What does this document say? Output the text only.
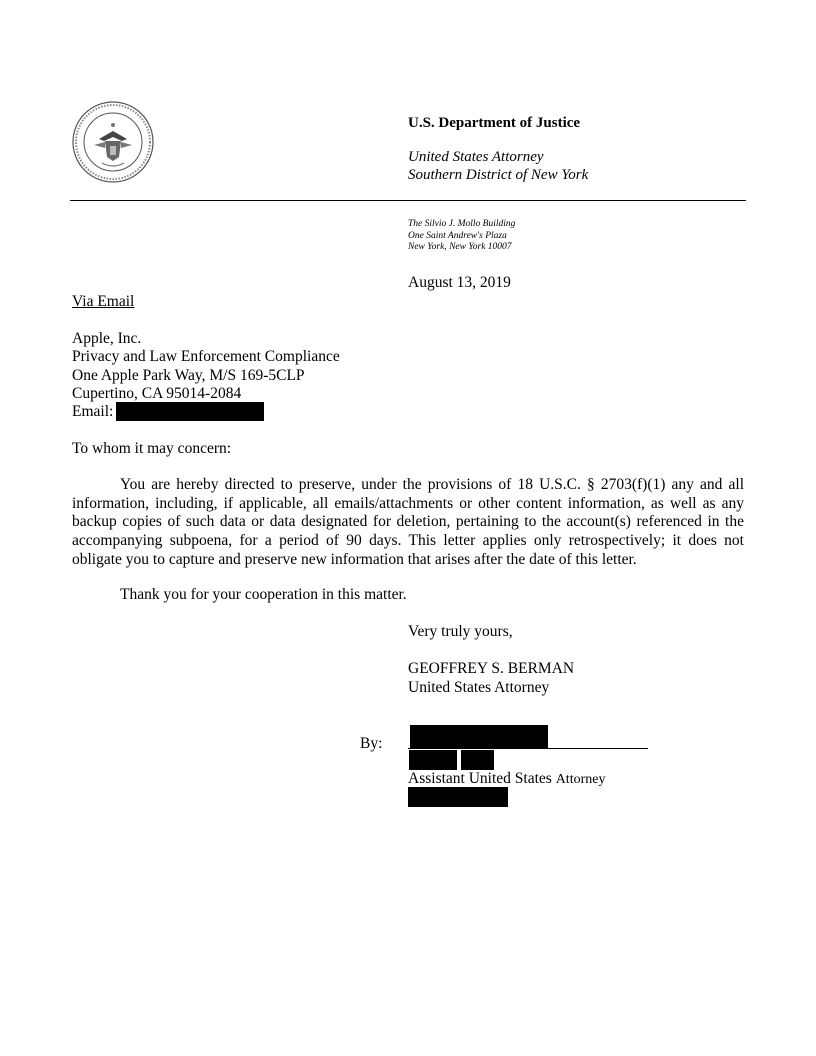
U.S. Department of Justice
United States Attorney
Southern District of New York
The Silvio J. Mollo Building
One Saint Andrew's Plaza
New York, New York 10007
August 13, 2019
Via Email
Apple, Inc.
Privacy and Law Enforcement Compliance
One Apple Park Way, M/S 169-5CLP
Cupertino, CA 95014-2084
Email:
To whom it may concern:
You are hereby directed to preserve, under the provisions of 18 U.S.C. § 2703(f)(1) any and all information, including, if applicable, all emails/attachments or other content information, as well as any backup copies of such data or data designated for deletion, pertaining to the account(s) referenced in the accompanying subpoena, for a period of 90 days. This letter applies only retrospectively; it does not obligate you to capture and preserve new information that arises after the date of this letter.
Thank you for your cooperation in this matter.
Very truly yours,
GEOFFREY S. BERMAN
United States Attorney
By:
Assistant United States Attorney
